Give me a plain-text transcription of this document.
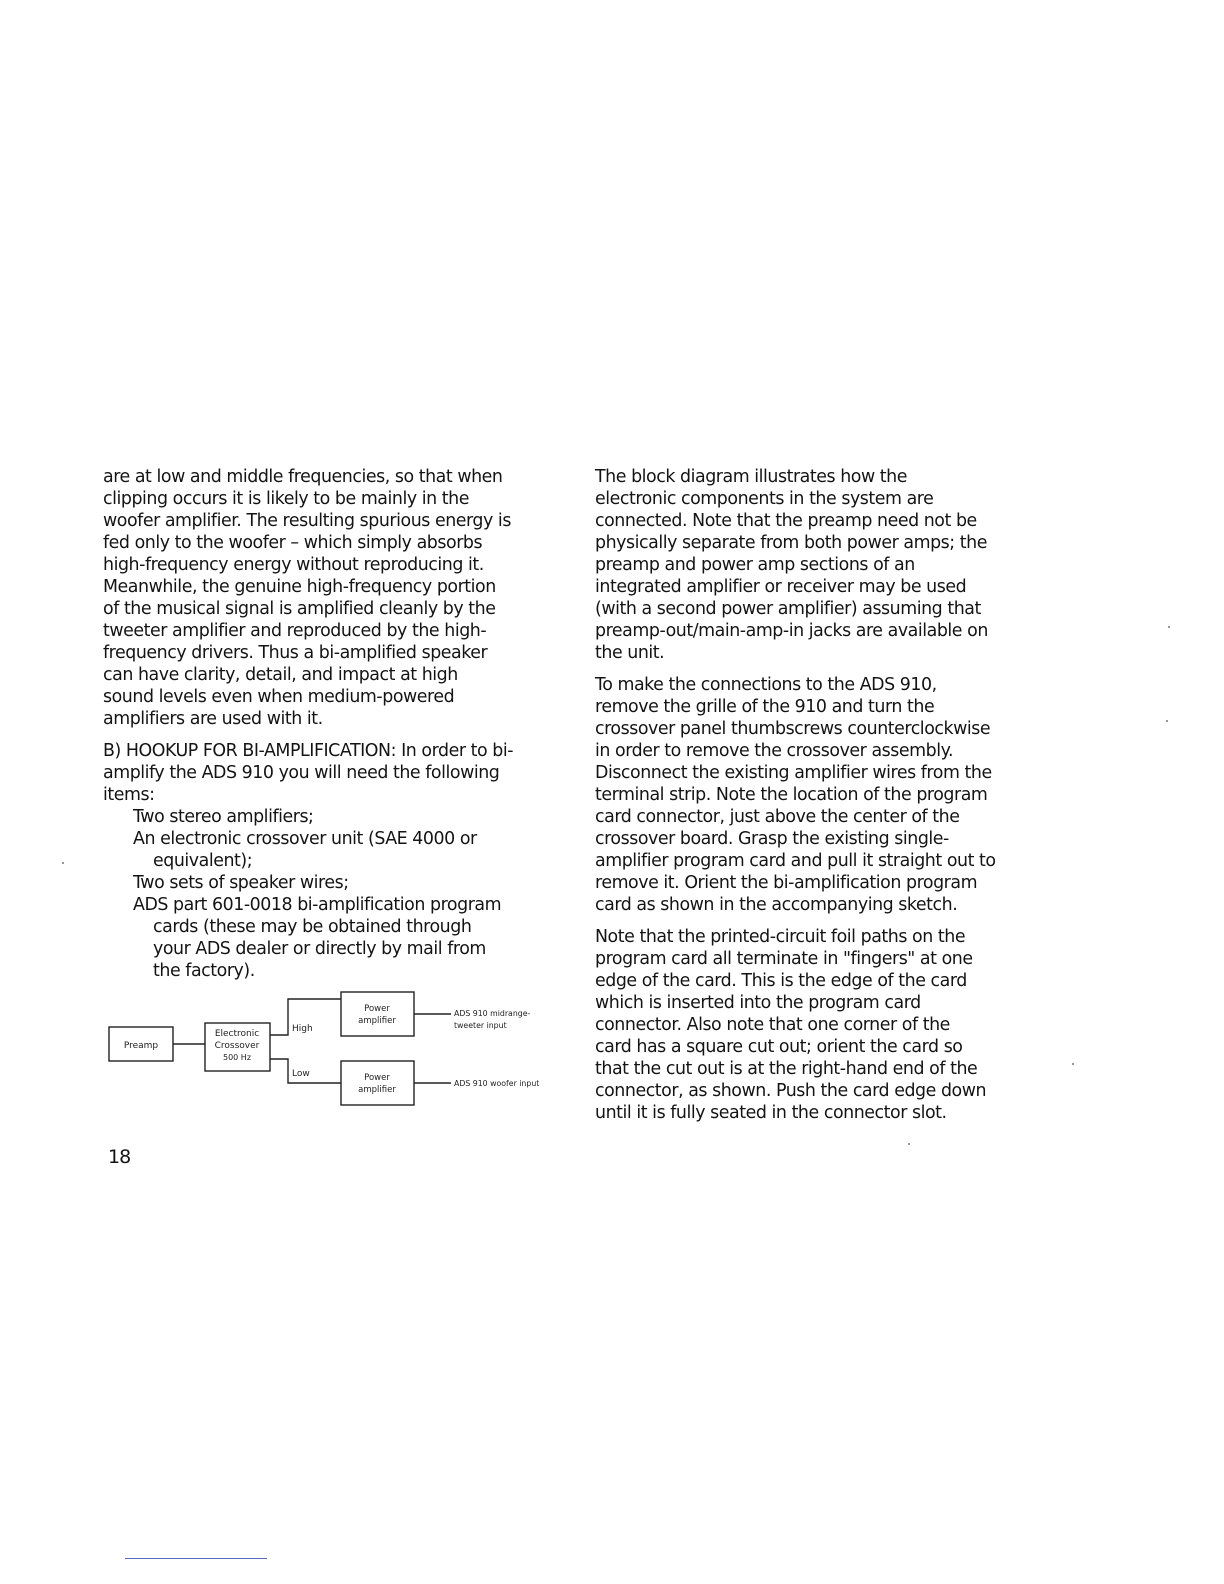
are at low and middle frequencies, so that when
clipping occurs it is likely to be mainly in the
woofer amplifier. The resulting spurious energy is
fed only to the woofer – which simply absorbs
high-frequency energy without reproducing it.
Meanwhile, the genuine high-frequency portion
of the musical signal is amplified cleanly by the
tweeter amplifier and reproduced by the high-
frequency drivers. Thus a bi-amplified speaker
can have clarity, detail, and impact at high
sound levels even when medium-powered
amplifiers are used with it.

B) HOOKUP FOR BI-AMPLIFICATION: In order to bi-
amplify the ADS 910 you will need the following
items:

Two stereo amplifiers;

An electronic crossover unit (SAE 4000 or
equivalent);

Two sets of speaker wires;

ADS part 601-0018 bi-amplification program
cards (these may be obtained through
your ADS dealer or directly by mail from
the factory).

Preamp
Electronic
Crossover
500 Hz
High
Low
Power
amplifier
Power
amplifier
ADS 910 midrange-
tweeter input
ADS 910 woofer input

The block diagram illustrates how the
electronic components in the system are
connected. Note that the preamp need not be
physically separate from both power amps; the
preamp and power amp sections of an
integrated amplifier or receiver may be used
(with a second power amplifier) assuming that
preamp-out/main-amp-in jacks are available on
the unit.

To make the connections to the ADS 910,
remove the grille of the 910 and turn the
crossover panel thumbscrews counterclockwise
in order to remove the crossover assembly.
Disconnect the existing amplifier wires from the
terminal strip. Note the location of the program
card connector, just above the center of the
crossover board. Grasp the existing single-
amplifier program card and pull it straight out to
remove it. Orient the bi-amplification program
card as shown in the accompanying sketch.

Note that the printed-circuit foil paths on the
program card all terminate in "fingers" at one
edge of the card. This is the edge of the card
which is inserted into the program card
connector. Also note that one corner of the
card has a square cut out; orient the card so
that the cut out is at the right-hand end of the
connector, as shown. Push the card edge down
until it is fully seated in the connector slot.

18
